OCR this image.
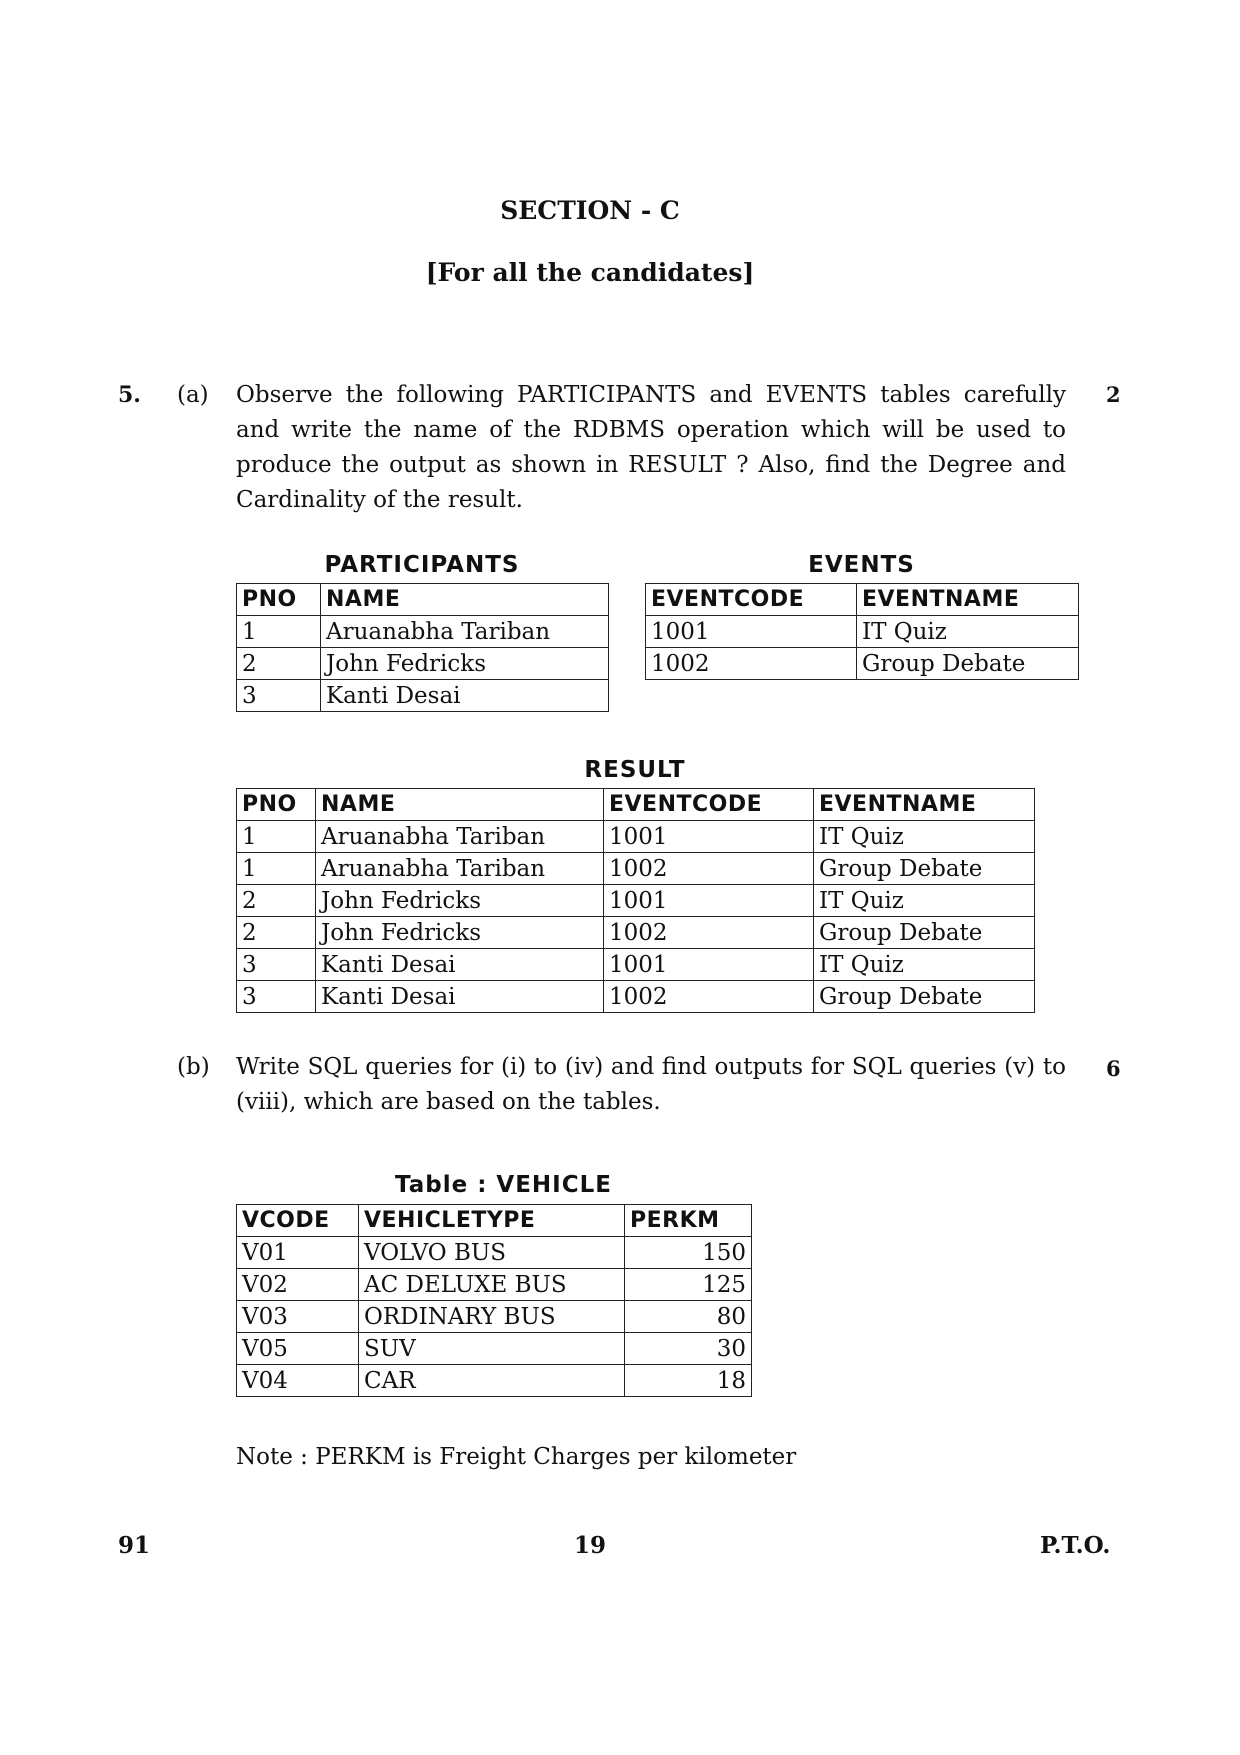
SECTION - C
[For all the candidates]
5. (a) Observe the following PARTICIPANTS and EVENTS tables carefully
and write the name of the RDBMS operation which will be used to
produce the output as shown in RESULT ? Also, find the Degree and
Cardinality of the result.
2
PARTICIPANTS
PNO	NAME
1	Aruanabha Tariban
2	John Fedricks
3	Kanti Desai
EVENTS
EVENTCODE	EVENTNAME
1001	IT Quiz
1002	Group Debate
RESULT
PNO	NAME	EVENTCODE	EVENTNAME
1	Aruanabha Tariban	1001	IT Quiz
1	Aruanabha Tariban	1002	Group Debate
2	John Fedricks	1001	IT Quiz
2	John Fedricks	1002	Group Debate
3	Kanti Desai	1001	IT Quiz
3	Kanti Desai	1002	Group Debate
(b) Write SQL queries for (i) to (iv) and find outputs for SQL queries (v) to
(viii), which are based on the tables.
6
Table : VEHICLE
VCODE	VEHICLETYPE	PERKM
V01	VOLVO BUS	150
V02	AC DELUXE BUS	125
V03	ORDINARY BUS	80
V05	SUV	30
V04	CAR	18
Note : PERKM is Freight Charges per kilometer
91	19	P.T.O.
